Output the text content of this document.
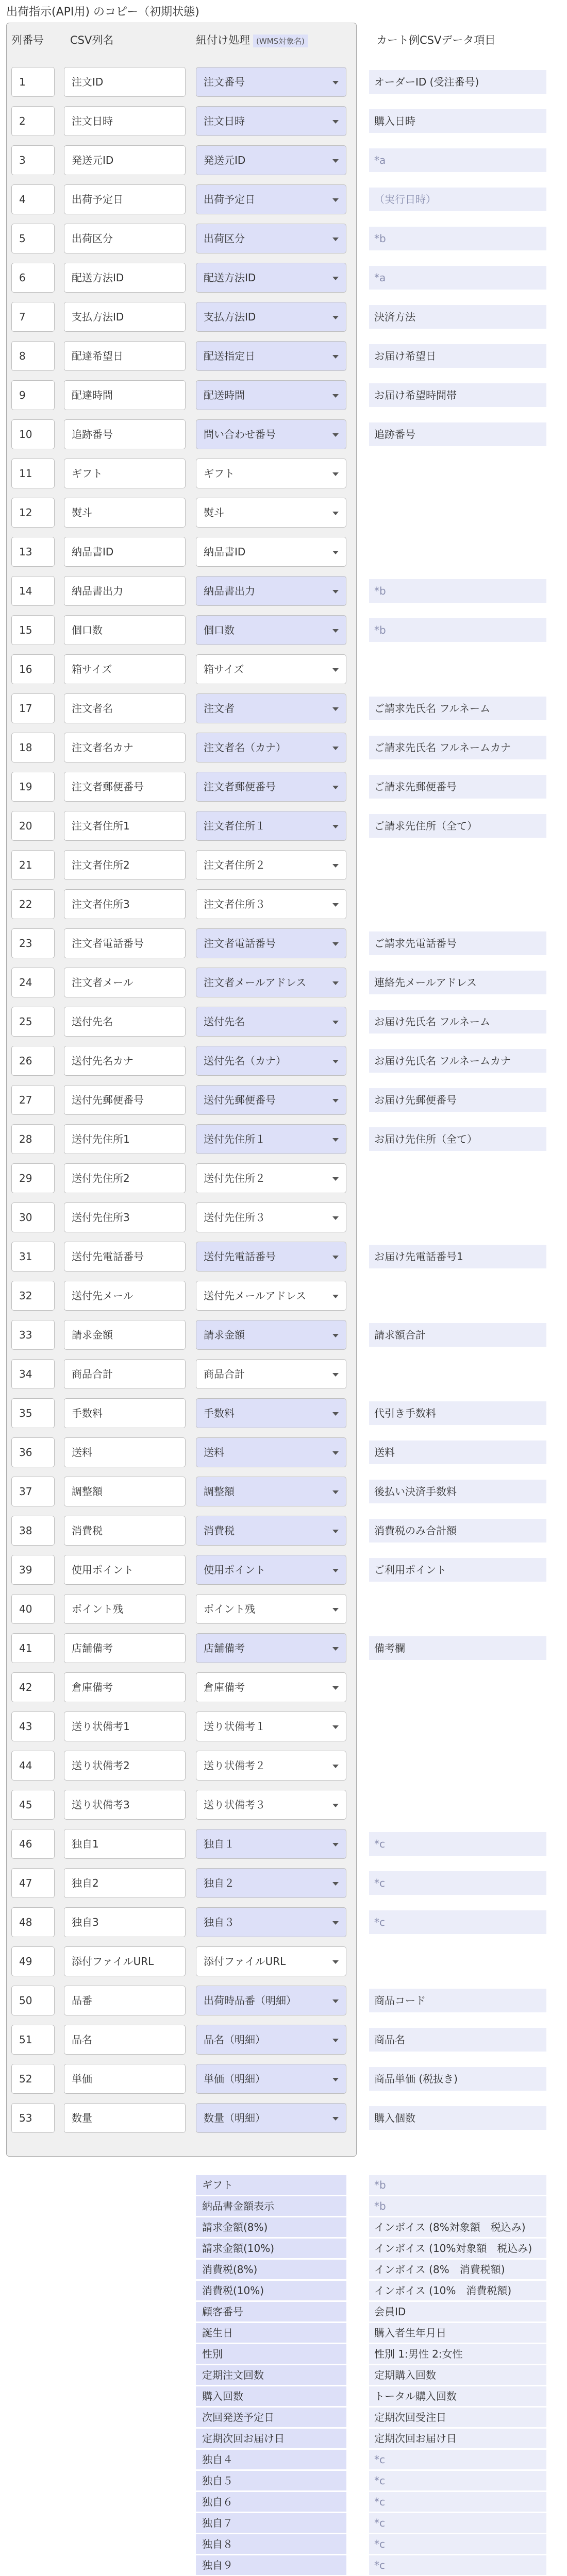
出荷指示(API用) のコピー（初期状態)
列番号 CSV列名	紐付け処理 (WMS対象名)	カート例CSVデータ項目
1	注文ID	注文番号	オーダーID (受注番号)
2	注文日時	注文日時	購入日時
3	発送元ID	発送元ID	*a
4	出荷予定日	出荷予定日	（実行日時）
5	出荷区分	出荷区分	*b
6	配送方法ID	配送方法ID	*a
7	支払方法ID	支払方法ID	決済方法
8	配達希望日	配送指定日	お届け希望日
9	配達時間	配送時間	お届け希望時間帯
10	追跡番号	問い合わせ番号	追跡番号
11	ギフト	ギフト
12	熨斗	熨斗
13	納品書ID	納品書ID
14	納品書出力	納品書出力	*b
15	個口数	個口数	*b
16	箱サイズ	箱サイズ
17	注文者名	注文者	ご請求先氏名 フルネーム
18	注文者名カナ	注文者名（カナ）	ご請求先氏名 フルネームカナ
19	注文者郵便番号	注文者郵便番号	ご請求先郵便番号
20	注文者住所1	注文者住所１	ご請求先住所（全て）
21	注文者住所2	注文者住所２
22	注文者住所3	注文者住所３
23	注文者電話番号	注文者電話番号	ご請求先電話番号
24	注文者メール	注文者メールアドレス	連絡先メールアドレス
25	送付先名	送付先名	お届け先氏名 フルネーム
26	送付先名カナ	送付先名（カナ）	お届け先氏名 フルネームカナ
27	送付先郵便番号	送付先郵便番号	お届け先郵便番号
28	送付先住所1	送付先住所１	お届け先住所（全て）
29	送付先住所2	送付先住所２
30	送付先住所3	送付先住所３
31	送付先電話番号	送付先電話番号	お届け先電話番号1
32	送付先メール	送付先メールアドレス
33	請求金額	請求金額	請求額合計
34	商品合計	商品合計
35	手数料	手数料	代引き手数料
36	送料	送料	送料
37	調整額	調整額	後払い決済手数料
38	消費税	消費税	消費税のみ合計額
39	使用ポイント	使用ポイント	ご利用ポイント
40	ポイント残	ポイント残
41	店舗備考	店舗備考	備考欄
42	倉庫備考	倉庫備考
43	送り状備考1	送り状備考１
44	送り状備考2	送り状備考２
45	送り状備考3	送り状備考３
46	独自1	独自１	*c
47	独自2	独自２	*c
48	独自3	独自３	*c
49	添付ファイルURL	添付ファイルURL
50	品番	出荷時品番（明細）	商品コード
51	品名	品名（明細）	商品名
52	単価	単価（明細）	商品単価 (税抜き)
53	数量	数量（明細）	購入個数
ギフト	*b
納品書金額表示	*b
請求金額(8%)	インボイス (8%対象額　税込み)
請求金額(10%)	インボイス (10%対象額　税込み)
消費税(8%)	インボイス (8%　消費税額)
消費税(10%)	インボイス (10%　消費税額)
顧客番号	会員ID
誕生日	購入者生年月日
性別	性別 1:男性 2:女性
定期注文回数	定期購入回数
購入回数	トータル購入回数
次回発送予定日	定期次回受注日
定期次回お届け日	定期次回お届け日
独自４	*c
独自５	*c
独自６	*c
独自７	*c
独自８	*c
独自９	*c
